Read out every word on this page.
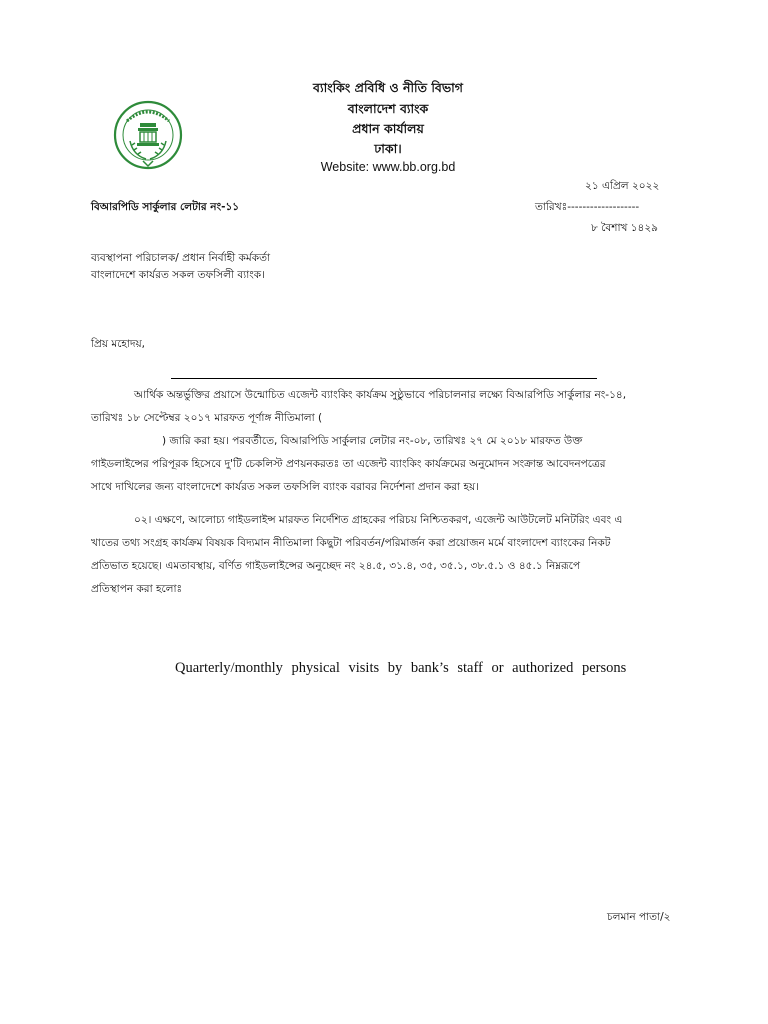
ব্যাংকিং প্রবিধি ও নীতি বিভাগ
বাংলাদেশ ব্যাংক
প্রধান কার্যালয়
ঢাকা।
Website: www.bb.org.bd
২১ এপ্রিল ২০২২
বিআরপিডি সার্কুলার লেটার নং-১১	তারিখঃ-------------------
৮ বৈশাখ ১৪২৯
ব্যবস্থাপনা পরিচালক/ প্রধান নির্বাহী কর্মকর্তা
বাংলাদেশে কার্যরত সকল তফসিলী ব্যাংক।
প্রিয় মহোদয়,
আর্থিক অন্তর্ভুক্তির প্রয়াসে উন্মোচিত এজেন্ট ব্যাংকিং কার্যক্রম সুষ্ঠুভাবে পরিচালনার লক্ষ্যে বিআরপিডি সার্কুলার নং-১৪,
তারিখঃ ১৮ সেপ্টেম্বর ২০১৭ মারফত পূর্ণাঙ্গ নীতিমালা (
) জারি করা হয়। পরবর্তীতে, বিআরপিডি সার্কুলার লেটার নং-০৮, তারিখঃ ২৭ মে ২০১৮ মারফত উক্ত
গাইডলাইন্সের পরিপূরক হিসেবে দু'টি চেকলিস্ট প্রণয়নকরতঃ তা এজেন্ট ব্যাংকিং কার্যক্রমের অনুমোদন সংক্রান্ত আবেদনপত্রের
সাথে দাখিলের জন্য বাংলাদেশে কার্যরত সকল তফসিলি ব্যাংক বরাবর নির্দেশনা প্রদান করা হয়।
০২। এক্ষণে, আলোচ্য গাইডলাইন্স মারফত নির্দেশিত গ্রাহকের পরিচয় নিশ্চিতকরণ, এজেন্ট আউটলেট মনিটরিং এবং এ
খাতের তথ্য সংগ্রহ কার্যক্রম বিষয়ক বিদ্যমান নীতিমালা কিছুটা পরিবর্তন/পরিমার্জন করা প্রয়োজন মর্মে বাংলাদেশ ব্যাংকের নিকট
প্রতিভাত হয়েছে। এমতাবস্থায়, বর্ণিত গাইডলাইন্সের অনুচ্ছেদ নং ২৪.৫, ৩১.৪, ৩৫, ৩৫.১, ৩৮.৫.১ ও ৪৫.১ নিম্নরূপে
প্রতিস্থাপন করা হলোঃ
Quarterly/monthly physical visits by bank’s staff or authorized persons
চলমান পাতা/২
